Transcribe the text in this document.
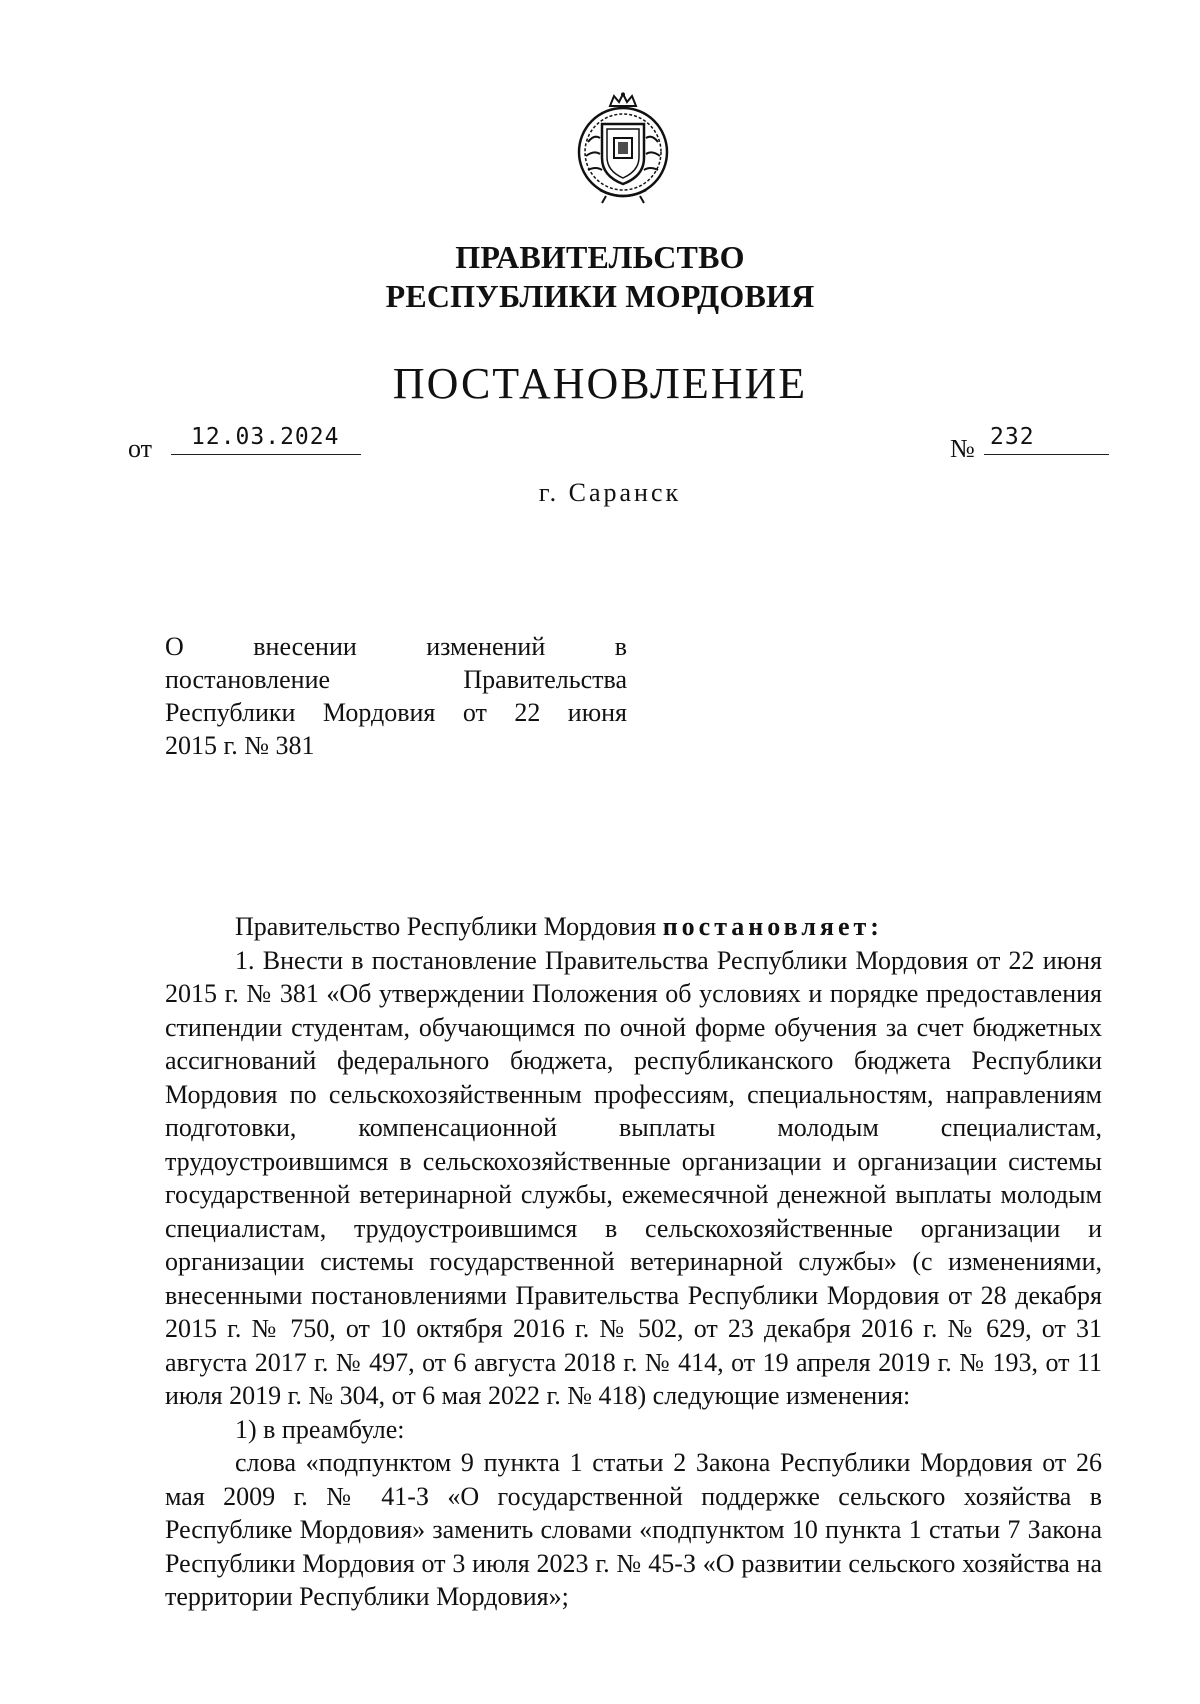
ПРАВИТЕЛЬСТВО
РЕСПУБЛИКИ МОРДОВИЯ
ПОСТАНОВЛЕНИЕ
от	12.03.2024	№ 232
г. Саранск

О внесении изменений в

постановление Правительства

Республики Мордовия от 22 июня

2015 г. № 381

Правительство Республики Мордовия постановляет:

1. Внести в постановление Правительства Республики Мордовия от 22 июня 2015 г. № 381 «Об утверждении Положения об условиях и порядке предоставления стипендии студентам, обучающимся по очной форме обучения за счет бюджетных ассигнований федерального бюджета, республиканского бюджета Республики Мордовия по сельскохозяйственным профессиям, специальностям, направлениям подготовки, компенсационной выплаты молодым специалистам, трудоустроившимся в сельскохозяйственные организации и организации системы государственной ветеринарной службы, ежемесячной денежной выплаты молодым специалистам, трудоустроившимся в сельскохозяйственные организации и организации системы государственной ветеринарной службы» (с изменениями, внесенными постановлениями Правительства Республики Мордовия от 28 декабря 2015 г. № 750, от 10 октября 2016 г. № 502, от 23 декабря 2016 г. № 629, от 31 августа 2017 г. № 497, от 6 августа 2018 г. № 414, от 19 апреля 2019 г. № 193, от 11 июля 2019 г. № 304, от 6 мая 2022 г. № 418) следующие изменения:

1) в преамбуле:

слова «подпунктом 9 пункта 1 статьи 2 Закона Республики Мордовия от 26 мая 2009 г. № 41-З «О государственной поддержке сельского хозяйства в Республике Мордовия» заменить словами «подпунктом 10 пункта 1 статьи 7 Закона Республики Мордовия от 3 июля 2023 г. № 45-З «О развитии сельского хозяйства на территории Республики Мордовия»;
